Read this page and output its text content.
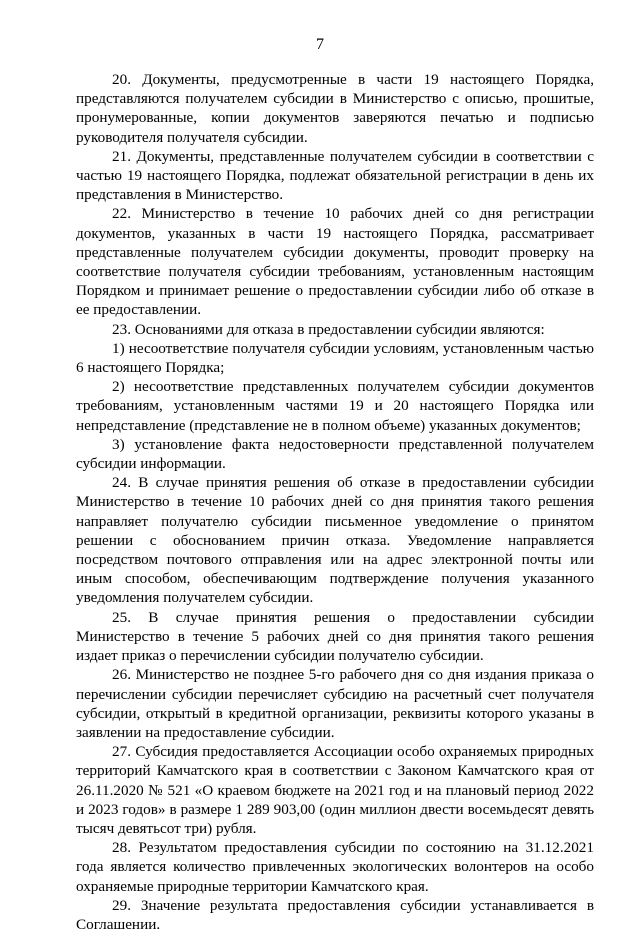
7

20. Документы, предусмотренные в части 19 настоящего Порядка, представляются получателем субсидии в Министерство с описью, прошитые, пронумерованные, копии документов заверяются печатью и подписью руководителя получателя субсидии.

21. Документы, представленные получателем субсидии в соответствии с частью 19 настоящего Порядка, подлежат обязательной регистрации в день их представления в Министерство.

22. Министерство в течение 10 рабочих дней со дня регистрации документов, указанных в части 19 настоящего Порядка, рассматривает представленные получателем субсидии документы, проводит проверку на соответствие получателя субсидии требованиям, установленным настоящим Порядком и принимает решение о предоставлении субсидии либо об отказе в ее предоставлении.

23. Основаниями для отказа в предоставлении субсидии являются:

1) несоответствие получателя субсидии условиям, установленным частью 6 настоящего Порядка;

2) несоответствие представленных получателем субсидии документов требованиям, установленным частями 19 и 20 настоящего Порядка или непредставление (представление не в полном объеме) указанных документов;

3) установление факта недостоверности представленной получателем субсидии информации.

24. В случае принятия решения об отказе в предоставлении субсидии Министерство в течение 10 рабочих дней со дня принятия такого решения направляет получателю субсидии письменное уведомление о принятом решении с обоснованием причин отказа. Уведомление направляется посредством почтового отправления или на адрес электронной почты или иным способом, обеспечивающим подтверждение получения указанного уведомления получателем субсидии.

25. В случае принятия решения о предоставлении субсидии Министерство в течение 5 рабочих дней со дня принятия такого решения издает приказ о перечислении субсидии получателю субсидии.

26. Министерство не позднее 5-го рабочего дня со дня издания приказа о перечислении субсидии перечисляет субсидию на расчетный счет получателя субсидии, открытый в кредитной организации, реквизиты которого указаны в заявлении на предоставление субсидии.

27. Субсидия предоставляется Ассоциации особо охраняемых природных территорий Камчатского края в соответствии с Законом Камчатского края от 26.11.2020 № 521 «О краевом бюджете на 2021 год и на плановый период 2022 и 2023 годов» в размере 1 289 903,00 (один миллион двести восемьдесят девять тысяч девятьсот три) рубля.

28. Результатом предоставления субсидии по состоянию на 31.12.2021 года является количество привлеченных экологических волонтеров на особо охраняемые природные территории Камчатского края.

29. Значение результата предоставления субсидии устанавливается в Соглашении.
